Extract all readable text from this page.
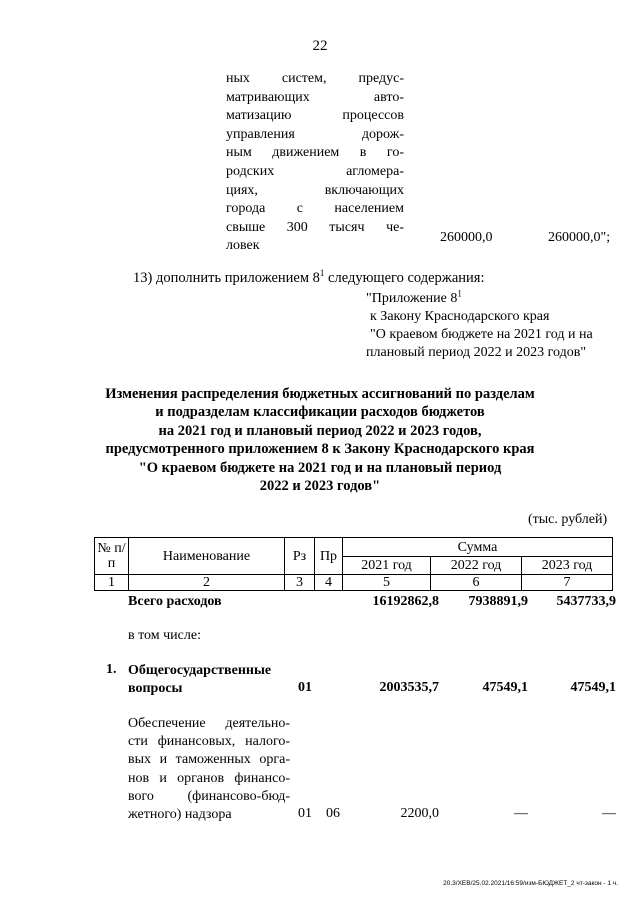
22
ных систем, предус-
матривающих авто-
матизацию процессов
управления дорож-
ным движением в го-
родских агломера-
циях, включающих
города с населением
свыше 300 тысяч че-
ловек
260000,0	260000,0";
13) дополнить приложением $8^1$ следующего содержания:
"Приложение $8^1$
к Закону Краснодарского края
"О краевом бюджете на 2021 год и на
плановый период 2022 и 2023 годов"
Изменения распределения бюджетных ассигнований по разделам
и подразделам классификации расходов бюджетов
на 2021 год и плановый период 2022 и 2023 годов,
предусмотренного приложением 8 к Закону Краснодарского края
"О краевом бюджете на 2021 год и на плановый период
2022 и 2023 годов"
(тыс. рублей)
№ п/п	Наименование	Рз Пр
Сумма
2021 год	2022 год	2023 год
1	2	3	4	5	6	7
Всего расходов	16192862,8	7938891,9	5437733,9
в том числе:
1. Общегосударственные
вопросы	01	2003535,7	47549,1	47549,1
Обеспечение деятельно-
сти финансовых, налого-
вых и таможенных орга-
нов и органов финансо-
вого (финансово-бюд-
жетного) надзора	01 06	2200,0	—	—
20.3/XEB/25.02.2021/16:59/изм-БЮДЖЕТ_2 чт-закон - 1 ч.
